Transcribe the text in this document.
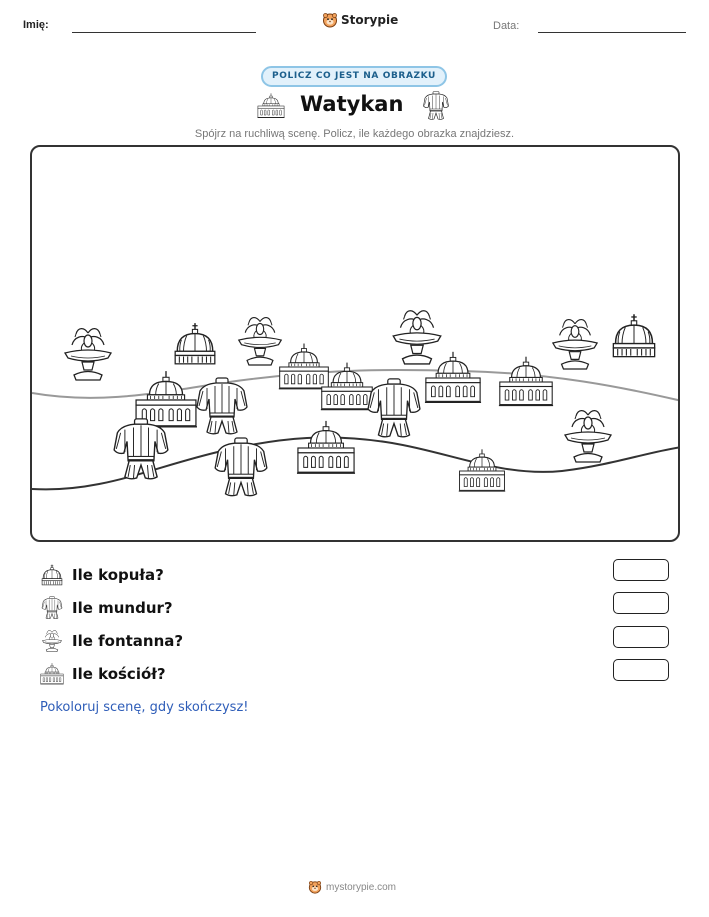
Imię:	Storypie	Data:
POLICZ CO JEST NA OBRAZKU
Watykan
Spójrz na ruchliwą scenę. Policz, ile każdego obrazka znajdziesz.
Ile kopuła?
Ile mundur?
Ile fontanna?
Ile kościół?
Pokoloruj scenę, gdy skończysz!
mystorypie.com
